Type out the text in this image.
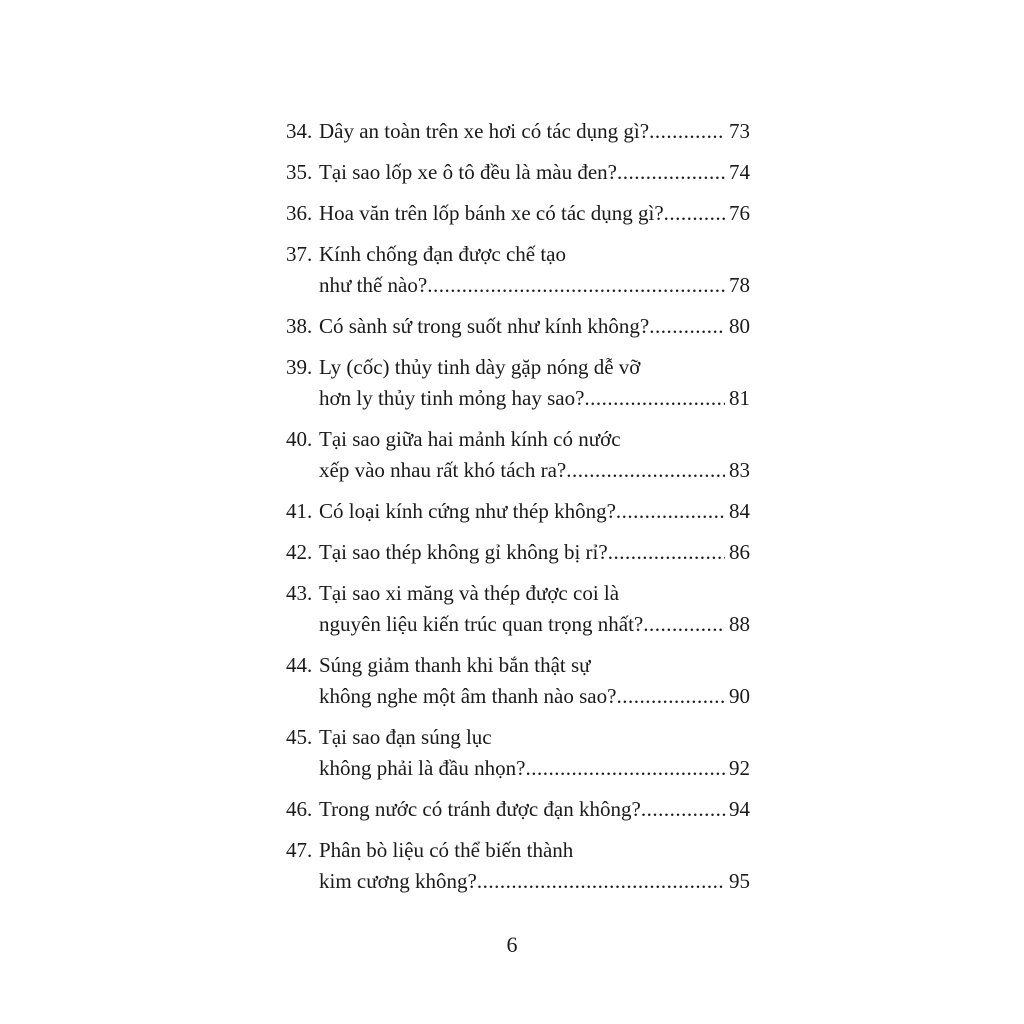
34. Dây an toàn trên xe hơi có tác dụng gì? .....	73
35. Tại sao lốp xe ô tô đều là màu đen? .....	74
36. Hoa văn trên lốp bánh xe có tác dụng gì? .....	76
37. Kính chống đạn được chế tạo
như thế nào? .....	78
38. Có sành sứ trong suốt như kính không? .....	80
39. Ly (cốc) thủy tinh dày gặp nóng dễ vỡ
hơn ly thủy tinh mỏng hay sao? .....	81
40. Tại sao giữa hai mảnh kính có nước
xếp vào nhau rất khó tách ra? .....	83
41. Có loại kính cứng như thép không? .....	84
42. Tại sao thép không gỉ không bị rỉ? .....	86
43. Tại sao xi măng và thép được coi là
nguyên liệu kiến trúc quan trọng nhất? .....	88
44. Súng giảm thanh khi bắn thật sự
không nghe một âm thanh nào sao? .....	90
45. Tại sao đạn súng lục
không phải là đầu nhọn? .....	92
46. Trong nước có tránh được đạn không? .....	94
47. Phân bò liệu có thể biến thành
kim cương không? .....	95
6
